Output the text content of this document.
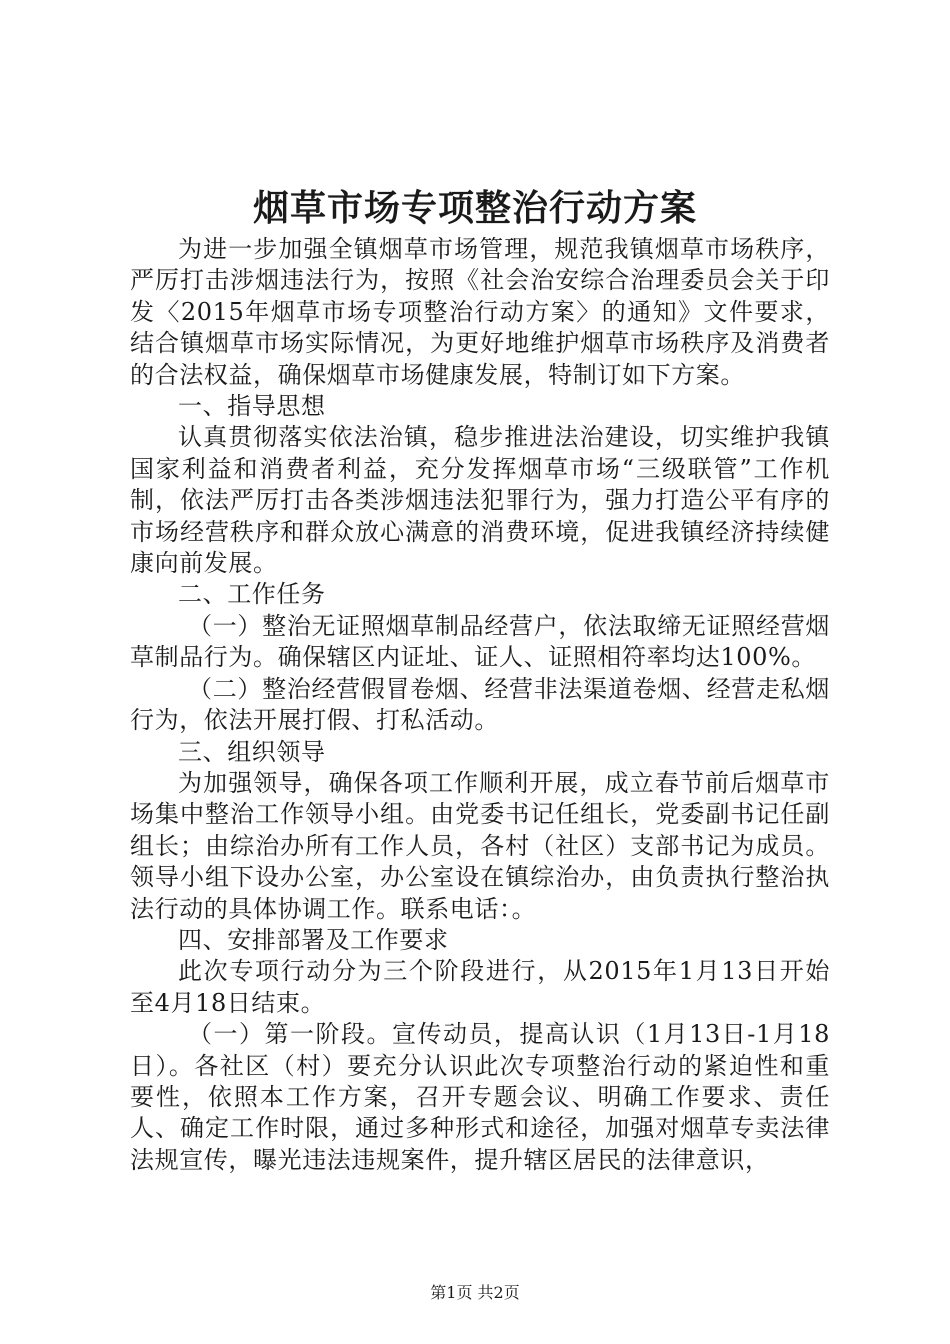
烟草市场专项整治行动方案

为进一步加强全镇烟草市场管理，规范我镇烟草市场秩序，严厉打击涉烟违法行为，按照《社会治安综合治理委员会关于印发〈2015年烟草市场专项整治行动方案〉的通知》文件要求，结合镇烟草市场实际情况，为更好地维护烟草市场秩序及消费者的合法权益，确保烟草市场健康发展，特制订如下方案。

一、指导思想

认真贯彻落实依法治镇，稳步推进法治建设，切实维护我镇国家利益和消费者利益，充分发挥烟草市场“三级联管”工作机制，依法严厉打击各类涉烟违法犯罪行为，强力打造公平有序的市场经营秩序和群众放心满意的消费环境，促进我镇经济持续健康向前发展。

二、工作任务

（一）整治无证照烟草制品经营户，依法取缔无证照经营烟草制品行为。确保辖区内证址、证人、证照相符率均达100%。

（二）整治经营假冒卷烟、经营非法渠道卷烟、经营走私烟行为，依法开展打假、打私活动。

三、组织领导

为加强领导，确保各项工作顺利开展，成立春节前后烟草市场集中整治工作领导小组。由党委书记任组长，党委副书记任副组长；由综治办所有工作人员，各村（社区）支部书记为成员。领导小组下设办公室，办公室设在镇综治办，由负责执行整治执法行动的具体协调工作。联系电话：。

四、安排部署及工作要求

此次专项行动分为三个阶段进行，从2015年1月13日开始至4月18日结束。

（一）第一阶段。宣传动员，提高认识（1月13日-1月18日）。各社区（村）要充分认识此次专项整治行动的紧迫性和重要性，依照本工作方案，召开专题会议、明确工作要求、责任人、确定工作时限，通过多种形式和途径，加强对烟草专卖法律法规宣传，曝光违法违规案件，提升辖区居民的法律意识，

第1页 共2页
